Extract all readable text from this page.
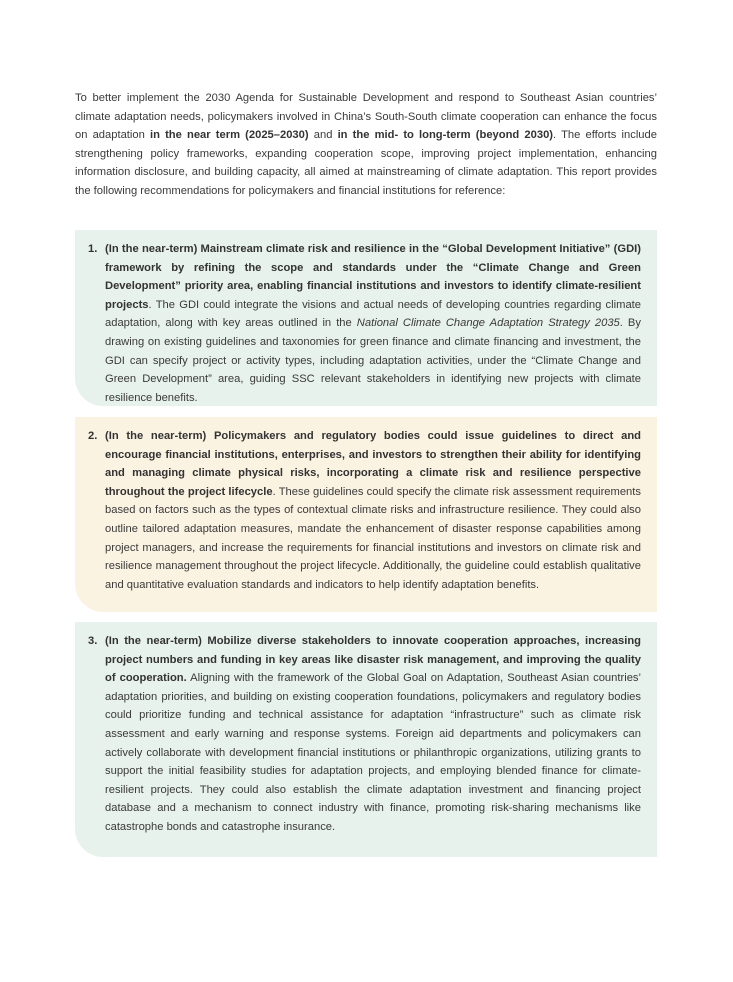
To better implement the 2030 Agenda for Sustainable Development and respond to Southeast Asian countries’ climate adaptation needs, policymakers involved in China’s South-South climate cooperation can enhance the focus on adaptation in the near term (2025–2030) and in the mid- to long-term (beyond 2030). The efforts include strengthening policy frameworks, expanding cooperation scope, improving project implementation, enhancing information disclosure, and building capacity, all aimed at mainstreaming of climate adaptation. This report provides the following recommendations for policymakers and financial institutions for reference:

1. (In the near-term) Mainstream climate risk and resilience in the “Global Development Initiative” (GDI) framework by refining the scope and standards under the “Climate Change and Green Development” priority area, enabling financial institutions and investors to identify climate-resilient projects. The GDI could integrate the visions and actual needs of developing countries regarding climate adaptation, along with key areas outlined in the National Climate Change Adaptation Strategy 2035. By drawing on existing guidelines and taxonomies for green finance and climate financing and investment, the GDI can specify project or activity types, including adaptation activities, under the “Climate Change and Green Development” area, guiding SSC relevant stakeholders in identifying new projects with climate resilience benefits.

2. (In the near-term) Policymakers and regulatory bodies could issue guidelines to direct and encourage financial institutions, enterprises, and investors to strengthen their ability for identifying and managing climate physical risks, incorporating a climate risk and resilience perspective throughout the project lifecycle. These guidelines could specify the climate risk assessment requirements based on factors such as the types of contextual climate risks and infrastructure resilience. They could also outline tailored adaptation measures, mandate the enhancement of disaster response capabilities among project managers, and increase the requirements for financial institutions and investors on climate risk and resilience management throughout the project lifecycle. Additionally, the guideline could establish qualitative and quantitative evaluation standards and indicators to help identify adaptation benefits.

3. (In the near-term) Mobilize diverse stakeholders to innovate cooperation approaches, increasing project numbers and funding in key areas like disaster risk management, and improving the quality of cooperation. Aligning with the framework of the Global Goal on Adaptation, Southeast Asian countries’ adaptation priorities, and building on existing cooperation foundations, policymakers and regulatory bodies could prioritize funding and technical assistance for adaptation “infrastructure” such as climate risk assessment and early warning and response systems. Foreign aid departments and policymakers can actively collaborate with development financial institutions or philanthropic organizations, utilizing grants to support the initial feasibility studies for adaptation projects, and employing blended finance for climate-resilient projects. They could also establish the climate adaptation investment and financing project database and a mechanism to connect industry with finance, promoting risk-sharing mechanisms like catastrophe bonds and catastrophe insurance.
